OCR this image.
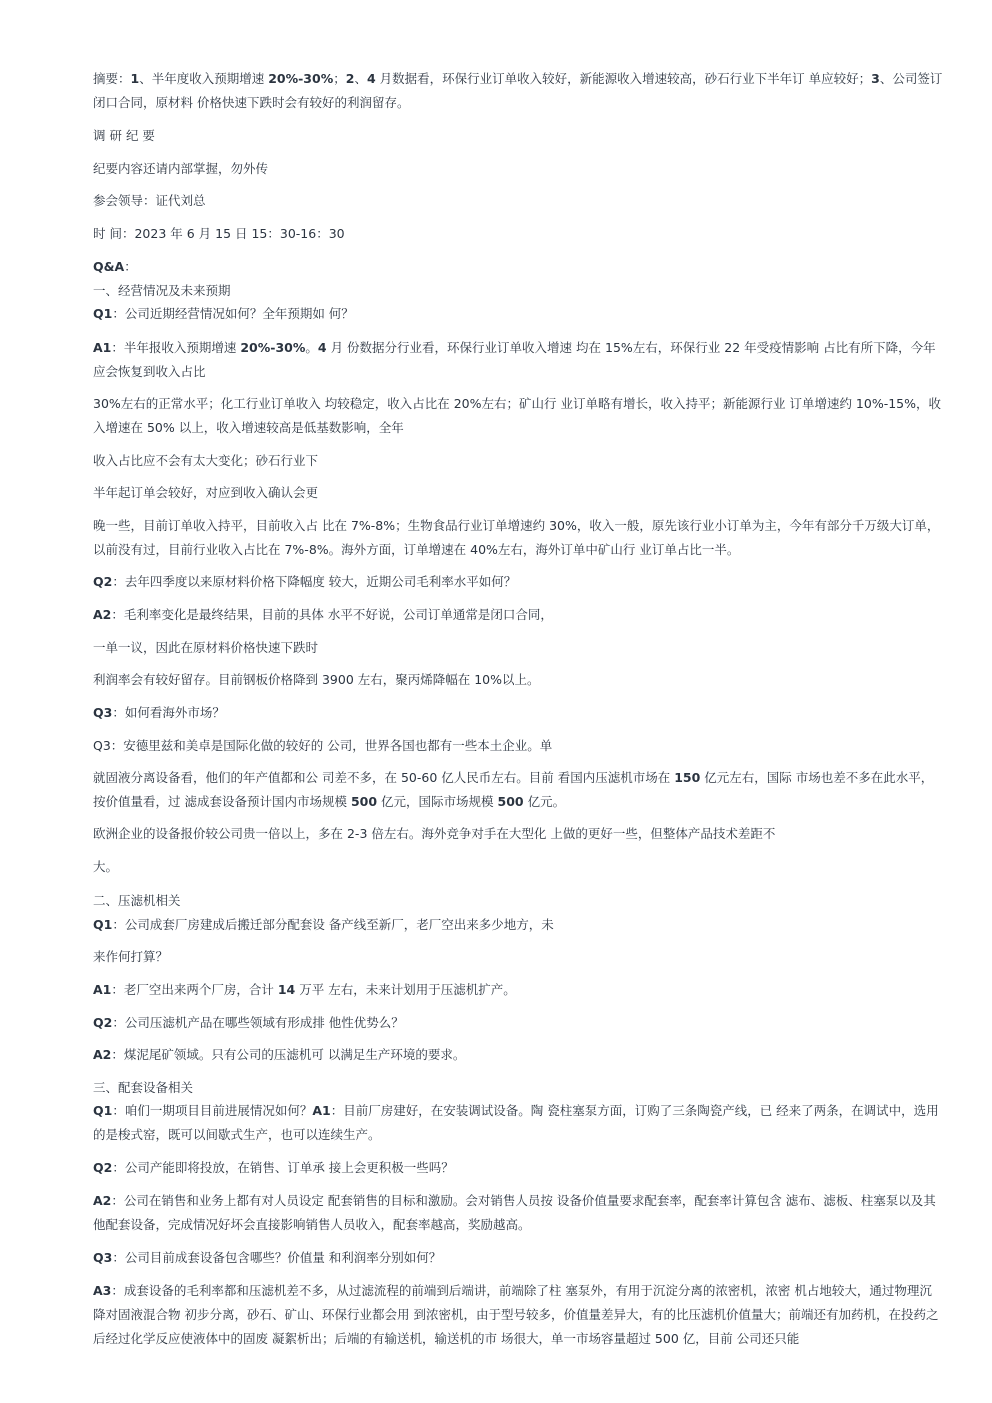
摘要：1、半年度收入预期增速 20%-30%；2、4 月数据看，环保行业订单收入较好，新能源收入增速较高，砂石行业下半年订 单应较好；3、公司签订闭口合同，原材料 价格快速下跌时会有较好的利润留存。

调 研 纪 要

纪要内容还请内部掌握，勿外传

参会领导：证代刘总

时 间：2023 年 6 月 15 日 15：30-16：30

Q&A：

一、经营情况及未来预期

Q1：公司近期经营情况如何？全年预期如 何？

A1：半年报收入预期增速 20%-30%。4 月 份数据分行业看，环保行业订单收入增速 均在 15%左右，环保行业 22 年受疫情影响 占比有所下降，今年应会恢复到收入占比

30%左右的正常水平；化工行业订单收入 均较稳定，收入占比在 20%左右；矿山行 业订单略有增长，收入持平；新能源行业 订单增速约 10%-15%，收入增速在 50% 以上，收入增速较高是低基数影响，全年

收入占比应不会有太大变化；砂石行业下

半年起订单会较好，对应到收入确认会更

晚一些，目前订单收入持平，目前收入占 比在 7%-8%；生物食品行业订单增速约 30%，收入一般，原先该行业小订单为主，今年有部分千万级大订单，以前没有过，目前行业收入占比在 7%-8%。海外方面，订单增速在 40%左右，海外订单中矿山行 业订单占比一半。

Q2：去年四季度以来原材料价格下降幅度 较大，近期公司毛利率水平如何？

A2：毛利率变化是最终结果，目前的具体 水平不好说，公司订单通常是闭口合同，

一单一议，因此在原材料价格快速下跌时

利润率会有较好留存。目前钢板价格降到 3900 左右，聚丙烯降幅在 10%以上。

Q3：如何看海外市场？

Q3：安德里兹和美卓是国际化做的较好的 公司，世界各国也都有一些本土企业。单

就固液分离设备看，他们的年产值都和公 司差不多，在 50-60 亿人民币左右。目前 看国内压滤机市场在 150 亿元左右，国际 市场也差不多在此水平，按价值量看，过 滤成套设备预计国内市场规模 500 亿元，国际市场规模 500 亿元。

欧洲企业的设备报价较公司贵一倍以上，多在 2-3 倍左右。海外竞争对手在大型化 上做的更好一些，但整体产品技术差距不

大。

二、压滤机相关

Q1：公司成套厂房建成后搬迁部分配套设 备产线至新厂，老厂空出来多少地方，未

来作何打算？

A1：老厂空出来两个厂房，合计 14 万平 左右，未来计划用于压滤机扩产。

Q2：公司压滤机产品在哪些领域有形成排 他性优势么？

A2：煤泥尾矿领域。只有公司的压滤机可 以满足生产环境的要求。

三、配套设备相关

Q1：咱们一期项目目前进展情况如何？A1：目前厂房建好，在安装调试设备。陶 瓷柱塞泵方面，订购了三条陶瓷产线，已 经来了两条，在调试中，选用的是梭式窑，既可以间歇式生产，也可以连续生产。

Q2：公司产能即将投放，在销售、订单承 接上会更积极一些吗？

A2：公司在销售和业务上都有对人员设定 配套销售的目标和激励。会对销售人员按 设备价值量要求配套率，配套率计算包含 滤布、滤板、柱塞泵以及其他配套设备，完成情况好坏会直接影响销售人员收入，配套率越高，奖励越高。

Q3：公司目前成套设备包含哪些？价值量 和利润率分别如何？

A3：成套设备的毛利率都和压滤机差不多，从过滤流程的前端到后端讲，前端除了柱 塞泵外，有用于沉淀分离的浓密机，浓密 机占地较大，通过物理沉降对固液混合物 初步分离，砂石、矿山、环保行业都会用 到浓密机，由于型号较多，价值量差异大，有的比压滤机价值量大；前端还有加药机，在投药之后经过化学反应使液体中的固废 凝絮析出；后端的有输送机，输送机的市 场很大，单一市场容量超过 500 亿，目前 公司还只能
